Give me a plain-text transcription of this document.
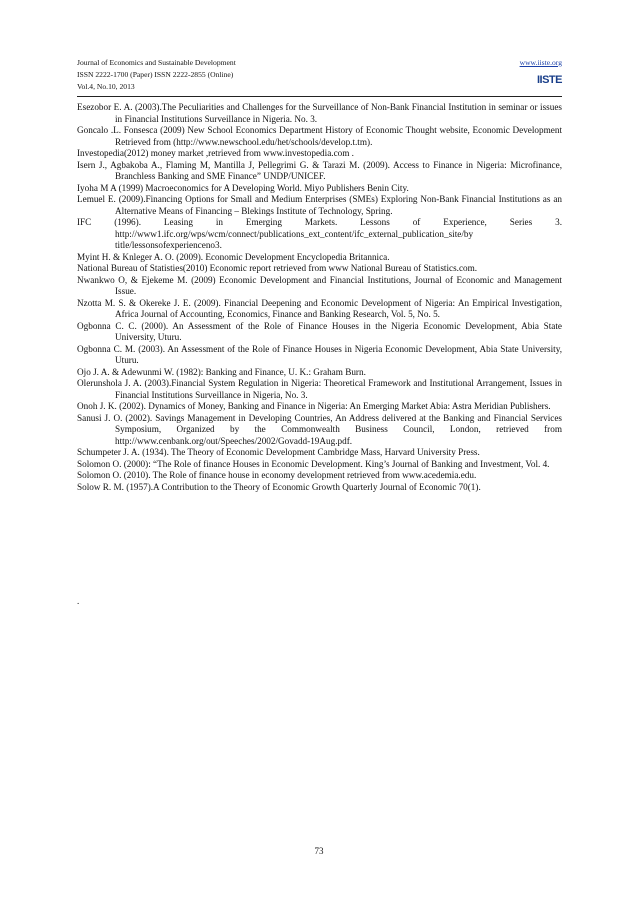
Journal of Economics and Sustainable Development	www.iiste.org
ISSN 2222-1700 (Paper) ISSN 2222-2855 (Online)
Vol.4, No.10, 2013
IISTE

Esezobor E. A. (2003).The Peculiarities and Challenges for the Surveillance of Non-Bank Financial Institution in seminar or issues in Financial Institutions Surveillance in Nigeria. No. 3.

Goncalo .L. Fonsesca (2009) New School Economics Department History of Economic Thought website, Economic Development Retrieved from (http://www.newschool.edu/het/schools/develop.t.tm).

Investopedia(2012) money market ,retrieved from www.investopedia.com .

Isern J., Agbakoba A., Flaming M, Mantilla J, Pellegrimi G. & Tarazi M. (2009). Access to Finance in Nigeria: Microfinance, Branchless Banking and SME Finance” UNDP/UNICEF.

Iyoha M A (1999) Macroeconomics for A Developing World. Miyo Publishers Benin City.

Lemuel E. (2009).Financing Options for Small and Medium Enterprises (SMEs) Exploring Non-Bank Financial Institutions as an Alternative Means of Financing – Blekings Institute of Technology, Spring.

IFC (1996). Leasing in Emerging Markets. Lessons of Experience, Series 3. http://www1.ifc.org/wps/wcm/connect/publications_ext_content/ifc_external_publication_site/by title/lessonsofexperienceno3.

Myint H. & Knleger A. O. (2009). Economic Development Encyclopedia Britannica.

National Bureau of Statisties(2010) Economic report retrieved from www National Bureau of Statistics.com.

Nwankwo O, & Ejekeme M. (2009) Economic Development and Financial Institutions, Journal of Economic and Management Issue.

Nzotta M. S. & Okereke J. E. (2009). Financial Deepening and Economic Development of Nigeria: An Empirical Investigation, Africa Journal of Accounting, Economics, Finance and Banking Research, Vol. 5, No. 5.

Ogbonna C. C. (2000). An Assessment of the Role of Finance Houses in the Nigeria Economic Development, Abia State University, Uturu.

Ogbonna C. M. (2003). An Assessment of the Role of Finance Houses in Nigeria Economic Development, Abia State University, Uturu.

Ojo J. A. & Adewunmi W. (1982): Banking and Finance, U. K.: Graham Burn.

Olerunshola J. A. (2003).Financial System Regulation in Nigeria: Theoretical Framework and Institutional Arrangement, Issues in Financial Institutions Surveillance in Nigeria, No. 3.

Onoh J. K. (2002). Dynamics of Money, Banking and Finance in Nigeria: An Emerging Market Abia: Astra Meridian Publishers.

Sanusi J. O. (2002). Savings Management in Developing Countries, An Address delivered at the Banking and Financial Services Symposium, Organized by the Commonwealth Business Council, London, retrieved from http://www.cenbank.org/out/Speeches/2002/Govadd-19Aug.pdf.

Schumpeter J. A. (1934). The Theory of Economic Development Cambridge Mass, Harvard University Press.

Solomon O. (2000): “The Role of finance Houses in Economic Development. King’s Journal of Banking and Investment, Vol. 4.

Solomon O. (2010). The Role of finance house in economy development retrieved from www.acedemia.edu.

Solow R. M. (1957).A Contribution to the Theory of Economic Growth Quarterly Journal of Economic 70(1).

.
73
